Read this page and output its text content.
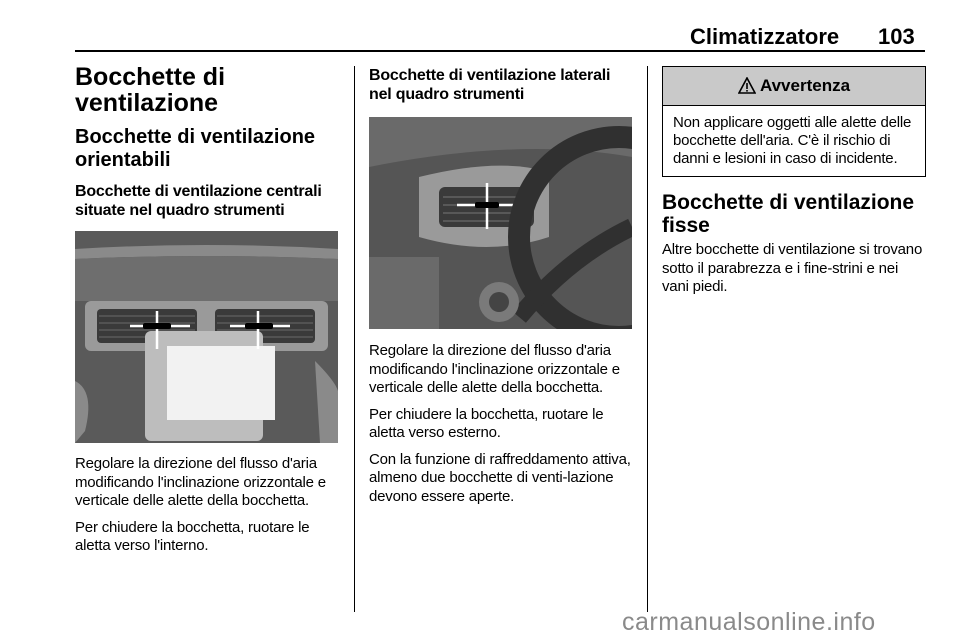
Climatizzatore 103
Bocchette di ventilazione
Bocchette di ventilazione orientabili
Bocchette di ventilazione centrali situate nel quadro strumenti
Regolare la direzione del flusso d'aria modificando l'inclinazione orizzontale e verticale delle alette della bocchetta.
Per chiudere la bocchetta, ruotare le aletta verso l'interno.
Bocchette di ventilazione laterali nel quadro strumenti
Regolare la direzione del flusso d'aria modificando l'inclinazione orizzontale e verticale delle alette della bocchetta.
Per chiudere la bocchetta, ruotare le aletta verso esterno.
Con la funzione di raffreddamento attiva, almeno due bocchette di venti-lazione devono essere aperte.
Avvertenza
Non applicare oggetti alle alette delle bocchette dell'aria. C'è il rischio di danni e lesioni in caso di incidente.
Bocchette di ventilazione fisse
Altre bocchette di ventilazione si trovano sotto il parabrezza e i fine-strini e nei vani piedi.
carmanualsonline.info
